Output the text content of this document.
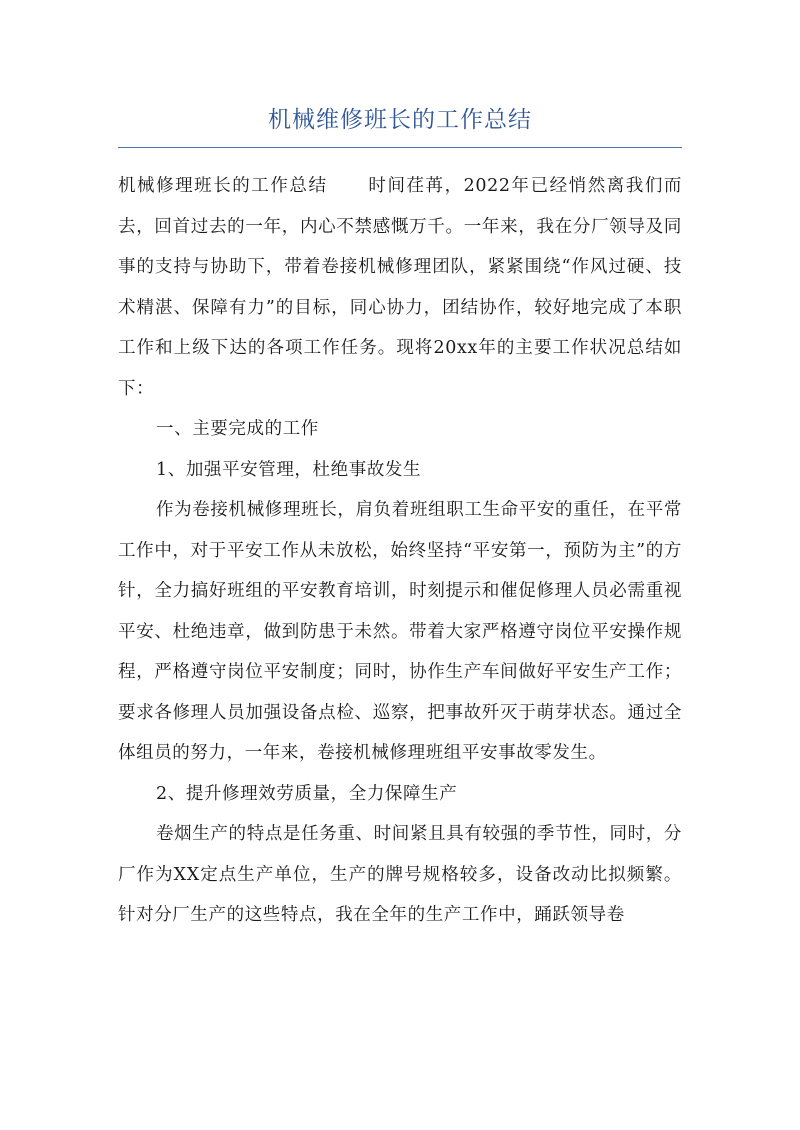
机械维修班长的工作总结

机械修理班长的工作总结 时间荏苒，2022年已经悄然离我们而去，回首过去的一年，内心不禁感慨万千。一年来，我在分厂领导及同事的支持与协助下，带着卷接机械修理团队，紧紧围绕“作风过硬、技术精湛、保障有力”的目标，同心协力，团结协作，较好地完成了本职工作和上级下达的各项工作任务。现将20xx年的主要工作状况总结如下：

一、主要完成的工作

1、加强平安管理，杜绝事故发生

作为卷接机械修理班长，肩负着班组职工生命平安的重任，在平常工作中，对于平安工作从未放松，始终坚持“平安第一，预防为主”的方针，全力搞好班组的平安教育培训，时刻提示和催促修理人员必需重视平安、杜绝违章，做到防患于未然。带着大家严格遵守岗位平安操作规程，严格遵守岗位平安制度；同时，协作生产车间做好平安生产工作；要求各修理人员加强设备点检、巡察，把事故歼灭于萌芽状态。通过全体组员的努力，一年来，卷接机械修理班组平安事故零发生。

2、提升修理效劳质量，全力保障生产

卷烟生产的特点是任务重、时间紧且具有较强的季节性，同时，分厂作为XX定点生产单位，生产的牌号规格较多，设备改动比拟频繁。针对分厂生产的这些特点，我在全年的生产工作中，踊跃领导卷
